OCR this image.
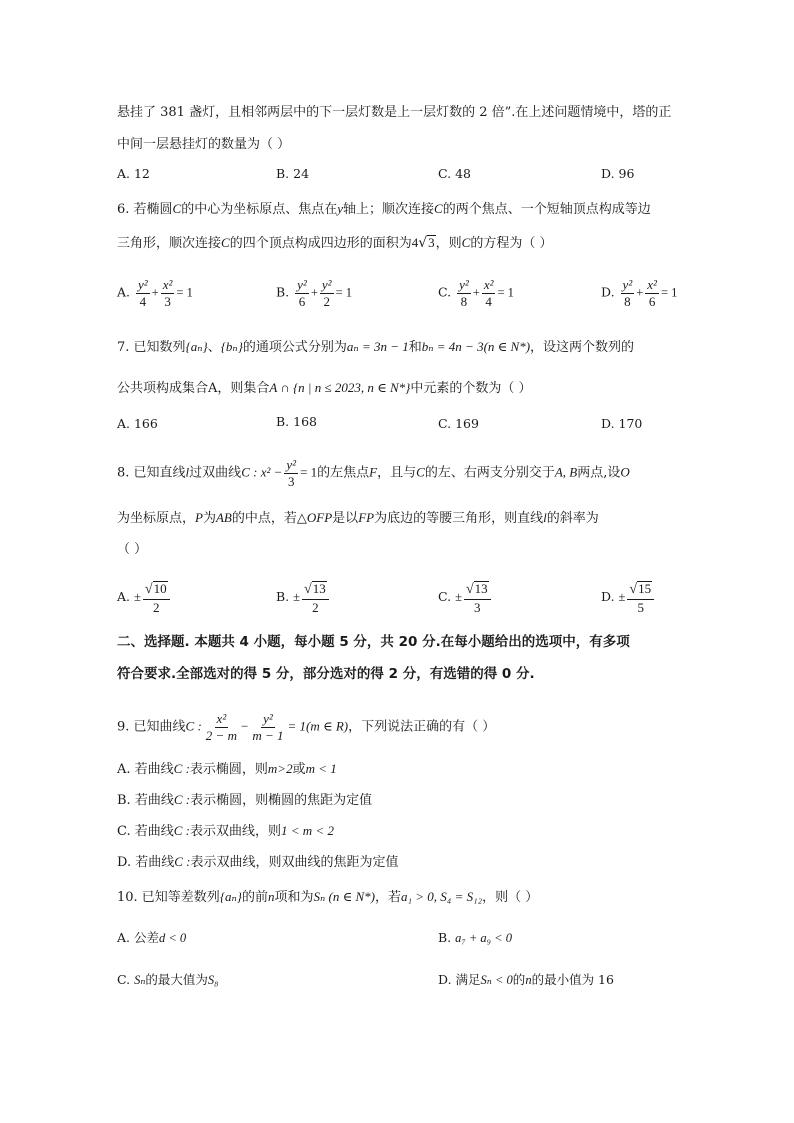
悬挂了 381 盏灯，且相邻两层中的下一层灯数是上一层灯数的 2 倍”.在上述问题情境中，塔的正
中间一层悬挂灯的数量为（ ）
A. 12	B. 24	C. 48	D. 96
6. 若椭圆C的中心为坐标原点、焦点在y轴上；顺次连接C的两个焦点、一个短轴顶点构成等边
三角形，顺次连接C的四个顶点构成四边形的面积为4√3，则C的方程为（ ）
A. $\frac{\text{y²}}{4} + \frac{\text{x²}}{3} = 1$	B. $\frac{\text{y²}}{6} + \frac{\text{y²}}{2} = 1$	C. $\frac{\text{y²}}{8} + \frac{\text{x²}}{4} = 1$	D. $\frac{\text{y²}}{8} + \frac{\text{x²}}{6} = 1$
7. 已知数列{aₙ}、{bₙ}的通项公式分别为aₙ = 3n − 1和bₙ = 4n − 3(n ∈ N*)，设这两个数列的
公共项构成集合A，则集合A ∩ {n | n ≤ 2023, n ∈ N*}中元素的个数为（ ）
A. 166	B. 168	C. 169	D. 170
8. 已知直线l过双曲线C : $x^2 - \frac{\text{y²}}{3} = 1$的左焦点F，且与C的左、右两支分别交于A, B两点,设O
为坐标原点，P为AB的中点，若△OFP是以FP为底边的等腰三角形，则直线l的斜率为
（ ）
A. ± $\frac{√10}{2}$	B. ± $\frac{√13}{2}$	C. ± $\frac{√13}{3}$	D. ± $\frac{√15}{5}$
二、选择题. 本题共 4 小题，每小题 5 分，共 20 分.在每小题给出的选项中，有多项
符合要求.全部选对的得 5 分，部分选对的得 2 分，有选错的得 0 分.
9. 已知曲线C : $\frac{\text{x²}}{2 - m} - \frac{\text{y²}}{m - 1} = 1(m$ ∈ R)，下列说法正确的有（ ）
A. 若曲线C :表示椭圆，则m>2或m < 1
B. 若曲线C :表示椭圆，则椭圆的焦距为定值
C. 若曲线C :表示双曲线，则1 < m < 2
D. 若曲线C :表示双曲线，则双曲线的焦距为定值
10. 已知等差数列{aₙ}的前n项和为Sₙ (n ∈ N*)，若a₁ > 0, S₄ = S₁₂，则（ ）
A. 公差d < 0	B. a₇ + a₉ < 0
C. Sₙ的最大值为S₈	D. 满足Sₙ < 0的n的最小值为 16
